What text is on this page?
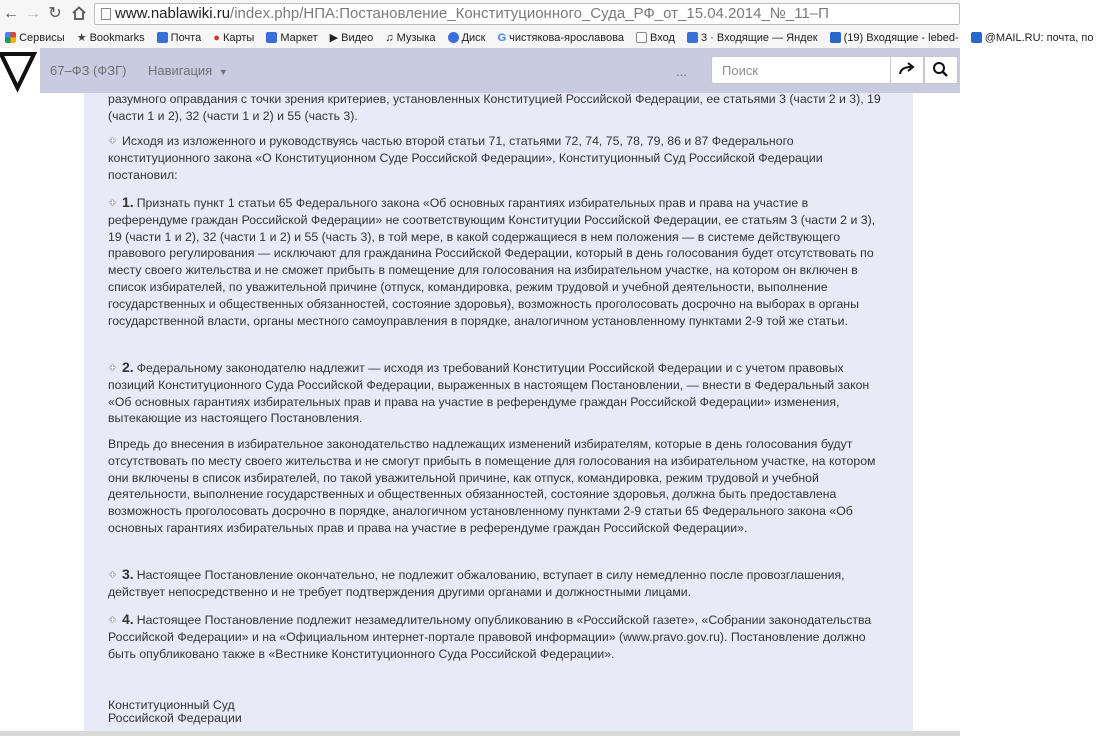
← → ↻	www.nablawiki.ru/index.php/НПА:Постановление_Конституционного_Суда_РФ_от_15.04.2014_№_11–П
Сервисы ★ Bookmarks Почта ● Карты Маркет ▶ Видео ♫ Музыка Диск G чистякова-ярославова Вход 3 · Входящие — Яндек (19) Входящие - lebed- @MAIL.RU: почта, по
67–ФЗ (ФЗГ) Навигация ▼	...
Поиск

разумного оправдания с точки зрения критериев, установленных Конституцией Российской Федерации, ее статьями 3 (части 2 и 3), 19 (части 1 и 2), 32 (части 1 и 2) и 55 (часть 3).

Исходя из изложенного и руководствуясь частью второй статьи 71, статьями 72, 74, 75, 78, 79, 86 и 87 Федерального конституционного закона «О Конституционном Суде Российской Федерации», Конституционный Суд Российской Федерации постановил:

1. Признать пункт 1 статьи 65 Федерального закона «Об основных гарантиях избирательных прав и права на участие в референдуме граждан Российской Федерации» не соответствующим Конституции Российской Федерации, ее статьям 3 (части 2 и 3), 19 (части 1 и 2), 32 (части 1 и 2) и 55 (часть 3), в той мере, в какой содержащиеся в нем положения — в системе действующего правового регулирования — исключают для гражданина Российской Федерации, который в день голосования будет отсутствовать по месту своего жительства и не сможет прибыть в помещение для голосования на избирательном участке, на котором он включен в список избирателей, по уважительной причине (отпуск, командировка, режим трудовой и учебной деятельности, выполнение государственных и общественных обязанностей, состояние здоровья), возможность проголосовать досрочно на выборах в органы государственной власти, органы местного самоуправления в порядке, аналогичном установленному пунктами 2-9 той же статьи.

2. Федеральному законодателю надлежит — исходя из требований Конституции Российской Федерации и с учетом правовых позиций Конституционного Суда Российской Федерации, выраженных в настоящем Постановлении, — внести в Федеральный закон «Об основных гарантиях избирательных прав и права на участие в референдуме граждан Российской Федерации» изменения, вытекающие из настоящего Постановления.

Впредь до внесения в избирательное законодательство надлежащих изменений избирателям, которые в день голосования будут отсутствовать по месту своего жительства и не смогут прибыть в помещение для голосования на избирательном участке, на котором они включены в список избирателей, по такой уважительной причине, как отпуск, командировка, режим трудовой и учебной деятельности, выполнение государственных и общественных обязанностей, состояние здоровья, должна быть предоставлена возможность проголосовать досрочно в порядке, аналогичном установленному пунктами 2-9 статьи 65 Федерального закона «Об основных гарантиях избирательных прав и права на участие в референдуме граждан Российской Федерации».

3. Настоящее Постановление окончательно, не подлежит обжалованию, вступает в силу немедленно после провозглашения, действует непосредственно и не требует подтверждения другими органами и должностными лицами.

4. Настоящее Постановление подлежит незамедлительному опубликованию в «Российской газете», «Собрании законодательства Российской Федерации» и на «Официальном интернет-портале правовой информации» (www.pravo.gov.ru). Постановление должно быть опубликовано также в «Вестнике Конституционного Суда Российской Федерации».

Конституционный Суд
Российской Федерации
